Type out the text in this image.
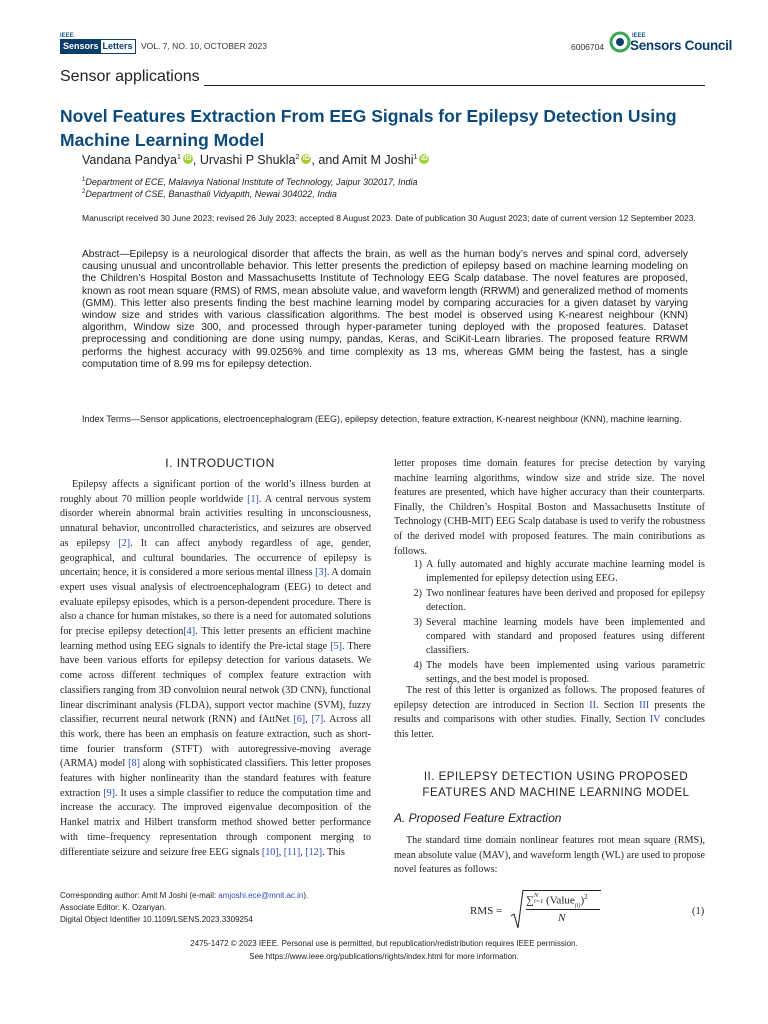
IEEE
Sensors Letters VOL. 7, NO. 10, OCTOBER 2023	6006704
IEEE
Sensors Council
Sensor applications
Novel Features Extraction From EEG Signals for Epilepsy Detection Using Machine Learning Model
Vandana Pandya$^1$ iD , Urvashi P Shukla$^2$ iD , and Amit M Joshi$^1$ iD
$^1$Department of ECE, Malaviya National Institute of Technology, Jaipur 302017, India
$^2$Department of CSE, Banasthali Vidyapith, Newai 304022, India
Manuscript received 30 June 2023; revised 26 July 2023; accepted 8 August 2023. Date of publication 30 August 2023; date of current version 12 September 2023.
Abstract—Epilepsy is a neurological disorder that affects the brain, as well as the human body’s nerves and spinal cord, adversely causing unusual and uncontrollable behavior. This letter presents the prediction of epilepsy based on machine learning modeling on the Children’s Hospital Boston and Massachusetts Institute of Technology EEG Scalp database. The novel features are proposed, known as root mean square (RMS) of RMS, mean absolute value, and waveform length (RRWM) and generalized method of moments (GMM). This letter also presents finding the best machine learning model by comparing accuracies for a given dataset by varying window size and strides with various classification algorithms. The best model is observed using K-nearest neighbour (KNN) algorithm, Window size 300, and processed through hyper-parameter tuning deployed with the proposed features. Dataset preprocessing and conditioning are done using numpy, pandas, Keras, and SciKit-Learn libraries. The proposed feature RRWM performs the highest accuracy with 99.0256% and time complexity as 13 ms, whereas GMM being the fastest, has a single computation time of 8.99 ms for epilepsy detection.
Index Terms—Sensor applications, electroencephalogram (EEG), epilepsy detection, feature extraction, K-nearest neighbour (KNN), machine learning.
I. INTRODUCTION

Epilepsy affects a significant portion of the world’s illness burden at roughly about 70 million people worldwide [1]. A central nervous system disorder wherein abnormal brain activities resulting in unconsciousness, unnatural behavior, uncontrolled characteristics, and seizures are observed as epilepsy [2]. It can affect anybody regardless of age, gender, geographical, and cultural boundaries. The occurrence of epilepsy is uncertain; hence, it is considered a more serious mental illness [3]. A domain expert uses visual analysis of electroencephalogram (EEG) to detect and evaluate epilepsy episodes, which is a person-dependent procedure. There is also a chance for human mistakes, so there is a need for automated solutions for precise epilepsy detection[4]. This letter presents an efficient machine learning method using EEG signals to identify the Pre-ictal stage [5]. There have been various efforts for epilepsy detection for various datasets. We come across different techniques of complex feature extraction with classifiers ranging from 3D convoluion neural netwok (3D CNN), functional linear discriminant analysis (FLDA), support vector machine (SVM), fuzzy classifier, recurrent neural network (RNN) and fAttNet [6], [7]. Across all this work, there has been an emphasis on feature extraction, such as short-time fourier transform (STFT) with autoregressive-moving average (ARMA) model [8] along with sophisticated classifiers. This letter proposes features with higher nonlinearity than the standard features with feature extraction [9]. It uses a simple classifier to reduce the computation time and increase the accuracy. The improved eigenvalue decomposition of the Hankel matrix and Hilbert transform method showed better performance with time–frequency representation through component merging to differentiate seizure and seizure free EEG signals [10], [11], [12]. This

letter proposes time domain features for precise detection by varying machine learning algorithms, window size and stride size. The novel features are presented, which have higher accuracy than their counterparts. Finally, the Children’s Hospital Boston and Massachusetts Institute of Technology (CHB-MIT) EEG Scalp database is used to verify the robustness of the derived model with proposed features. The main contributions as follows.
1) A fully automated and highly accurate machine learning model is implemented for epilepsy detection using EEG.
2) Two nonlinear features have been derived and proposed for epilepsy detection.
3) Several machine learning models have been implemented and compared with standard and proposed features using different classifiers.
4) The models have been implemented using various parametric settings, and the best model is proposed.

The rest of this letter is organized as follows. The proposed features of epilepsy detection are introduced in Section II. Section III presents the results and comparisons with other studies. Finally, Section IV concludes this letter.

II. EPILEPSY DETECTION USING PROPOSED
FEATURES AND MACHINE LEARNING MODEL
A. Proposed Feature Extraction

The standard time domain nonlinear features root mean square (RMS), mean absolute value (MAV), and waveform length (WL) are used to propose novel features as follows:

RMS =
∑N
i=1 (Value$_{(i)}$)$^2$
N
(1)
Corresponding author: Amit M Joshi (e-mail: amjoshi.ece@mnit.ac.in).
Associate Editor: K. Ozanyan.
Digital Object Identifier 10.1109/LSENS.2023.3309254
2475-1472 © 2023 IEEE. Personal use is permitted, but republication/redistribution requires IEEE permission.
See https://www.ieee.org/publications/rights/index.html for more information.
